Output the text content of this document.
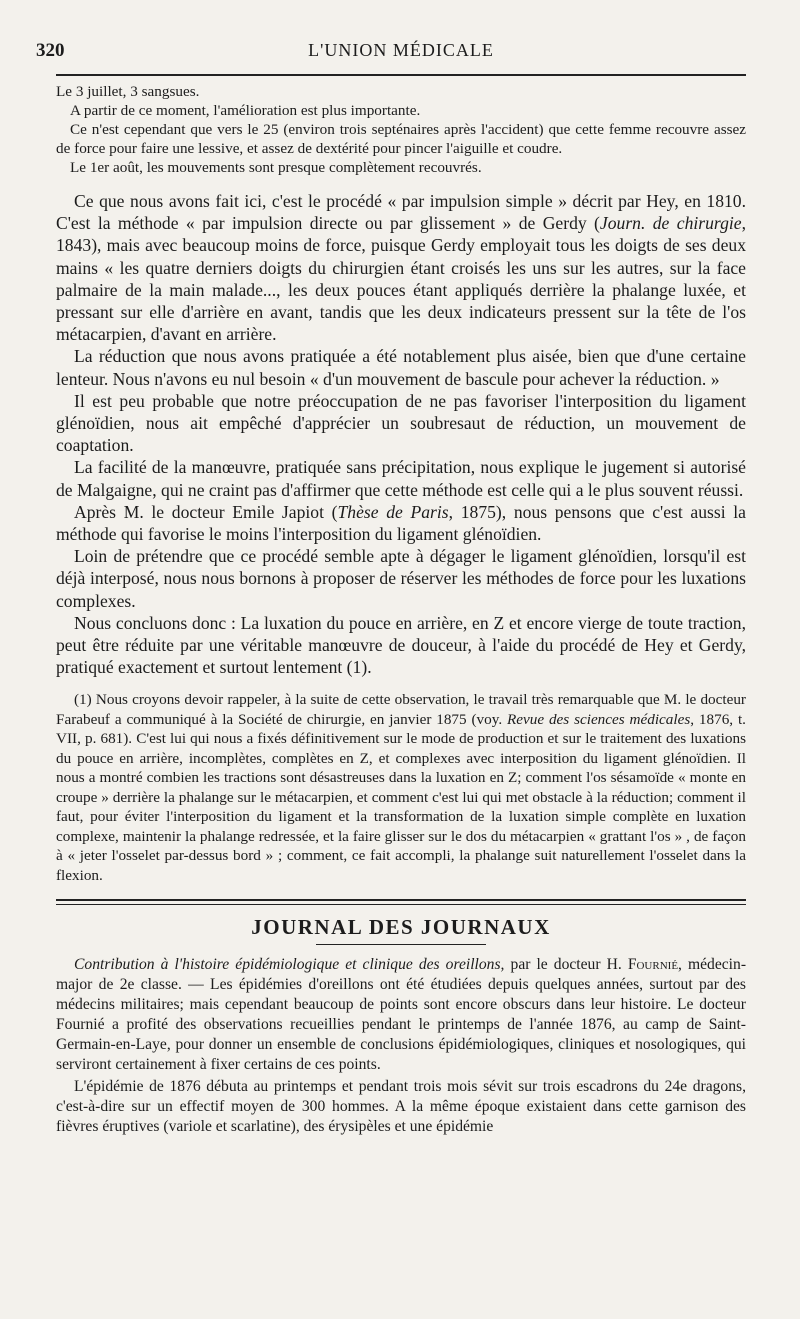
320	L'UNION MÉDICALE

Le 3 juillet, 3 sangsues.

A partir de ce moment, l'amélioration est plus importante.

Ce n'est cependant que vers le 25 (environ trois septénaires après l'accident) que cette femme recouvre assez de force pour faire une lessive, et assez de dextérité pour pincer l'aiguille et coudre.

Le 1er août, les mouvements sont presque complètement recouvrés.

Ce que nous avons fait ici, c'est le procédé « par impulsion simple » décrit par Hey, en 1810. C'est la méthode « par impulsion directe ou par glissement » de Gerdy (Journ. de chirurgie, 1843), mais avec beaucoup moins de force, puisque Gerdy employait tous les doigts de ses deux mains « les quatre derniers doigts du chirurgien étant croisés les uns sur les autres, sur la face palmaire de la main malade..., les deux pouces étant appliqués derrière la phalange luxée, et pressant sur elle d'arrière en avant, tandis que les deux indicateurs pressent sur la tête de l'os métacarpien, d'avant en arrière.

La réduction que nous avons pratiquée a été notablement plus aisée, bien que d'une certaine lenteur. Nous n'avons eu nul besoin « d'un mouvement de bascule pour achever la réduction. »

Il est peu probable que notre préoccupation de ne pas favoriser l'interposition du ligament glénoïdien, nous ait empêché d'apprécier un soubresaut de réduction, un mouvement de coaptation.

La facilité de la manœuvre, pratiquée sans précipitation, nous explique le jugement si autorisé de Malgaigne, qui ne craint pas d'affirmer que cette méthode est celle qui a le plus souvent réussi.

Après M. le docteur Emile Japiot (Thèse de Paris, 1875), nous pensons que c'est aussi la méthode qui favorise le moins l'interposition du ligament glénoïdien.

Loin de prétendre que ce procédé semble apte à dégager le ligament glénoïdien, lorsqu'il est déjà interposé, nous nous bornons à proposer de réserver les méthodes de force pour les luxations complexes.

Nous concluons donc : La luxation du pouce en arrière, en Z et encore vierge de toute traction, peut être réduite par une véritable manœuvre de douceur, à l'aide du procédé de Hey et Gerdy, pratiqué exactement et surtout lentement (1).

(1) Nous croyons devoir rappeler, à la suite de cette observation, le travail très remarquable que M. le docteur Farabeuf a communiqué à la Société de chirurgie, en janvier 1875 (voy. Revue des sciences médicales, 1876, t. VII, p. 681). C'est lui qui nous a fixés définitivement sur le mode de production et sur le traitement des luxations du pouce en arrière, incomplètes, complètes en Z, et complexes avec interposition du ligament glénoïdien. Il nous a montré combien les tractions sont désastreuses dans la luxation en Z; comment l'os sésamoïde « monte en croupe » derrière la phalange sur le métacarpien, et comment c'est lui qui met obstacle à la réduction; comment il faut, pour éviter l'interposition du ligament et la transformation de la luxation simple complète en luxation complexe, maintenir la phalange redressée, et la faire glisser sur le dos du métacarpien « grattant l'os » , de façon à « jeter l'osselet par-dessus bord » ; comment, ce fait accompli, la phalange suit naturellement l'osselet dans la flexion.

JOURNAL DES JOURNAUX

Contribution à l'histoire épidémiologique et clinique des oreillons, par le docteur H. Fournié, médecin-major de 2e classe. — Les épidémies d'oreillons ont été étudiées depuis quelques années, surtout par des médecins militaires; mais cependant beaucoup de points sont encore obscurs dans leur histoire. Le docteur Fournié a profité des observations recueillies pendant le printemps de l'année 1876, au camp de Saint-Germain-en-Laye, pour donner un ensemble de conclusions épidémiologiques, cliniques et nosologiques, qui serviront certainement à fixer certains de ces points.

L'épidémie de 1876 débuta au printemps et pendant trois mois sévit sur trois escadrons du 24e dragons, c'est-à-dire sur un effectif moyen de 300 hommes. A la même époque existaient dans cette garnison des fièvres éruptives (variole et scarlatine), des érysipèles et une épidémie
